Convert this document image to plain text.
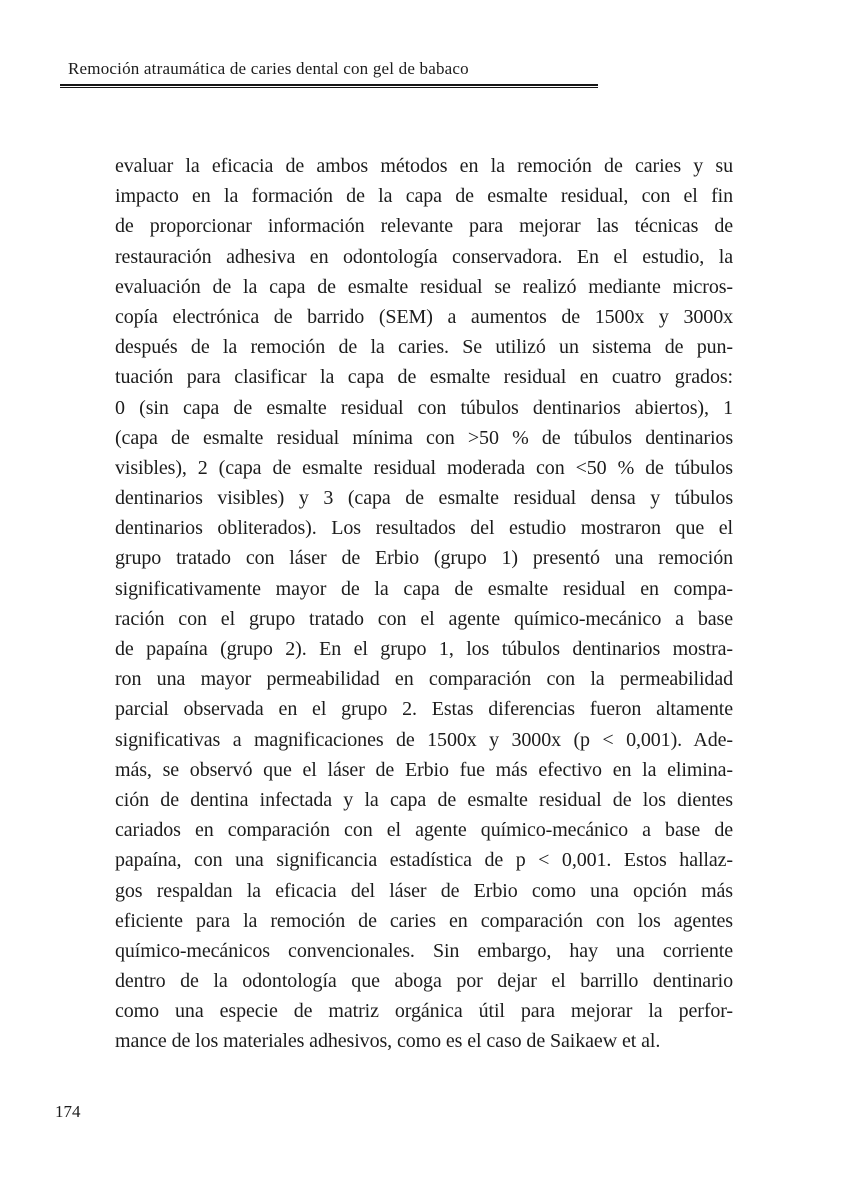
Remoción atraumática de caries dental con gel de babaco
evaluar la eficacia de ambos métodos en la remoción de caries y su
impacto en la formación de la capa de esmalte residual, con el fin
de proporcionar información relevante para mejorar las técnicas de
restauración adhesiva en odontología conservadora. En el estudio, la
evaluación de la capa de esmalte residual se realizó mediante micros-
copía electrónica de barrido (SEM) a aumentos de 1500x y 3000x
después de la remoción de la caries. Se utilizó un sistema de pun-
tuación para clasificar la capa de esmalte residual en cuatro grados:
0 (sin capa de esmalte residual con túbulos dentinarios abiertos), 1
(capa de esmalte residual mínima con >50 % de túbulos dentinarios
visibles), 2 (capa de esmalte residual moderada con <50 % de túbulos
dentinarios visibles) y 3 (capa de esmalte residual densa y túbulos
dentinarios obliterados). Los resultados del estudio mostraron que el
grupo tratado con láser de Erbio (grupo 1) presentó una remoción
significativamente mayor de la capa de esmalte residual en compa-
ración con el grupo tratado con el agente químico-mecánico a base
de papaína (grupo 2). En el grupo 1, los túbulos dentinarios mostra-
ron una mayor permeabilidad en comparación con la permeabilidad
parcial observada en el grupo 2. Estas diferencias fueron altamente
significativas a magnificaciones de 1500x y 3000x (p < 0,001). Ade-
más, se observó que el láser de Erbio fue más efectivo en la elimina-
ción de dentina infectada y la capa de esmalte residual de los dientes
cariados en comparación con el agente químico-mecánico a base de
papaína, con una significancia estadística de p < 0,001. Estos hallaz-
gos respaldan la eficacia del láser de Erbio como una opción más
eficiente para la remoción de caries en comparación con los agentes
químico-mecánicos convencionales. Sin embargo, hay una corriente
dentro de la odontología que aboga por dejar el barrillo dentinario
como una especie de matriz orgánica útil para mejorar la perfor-
mance de los materiales adhesivos, como es el caso de Saikaew et al.
174
